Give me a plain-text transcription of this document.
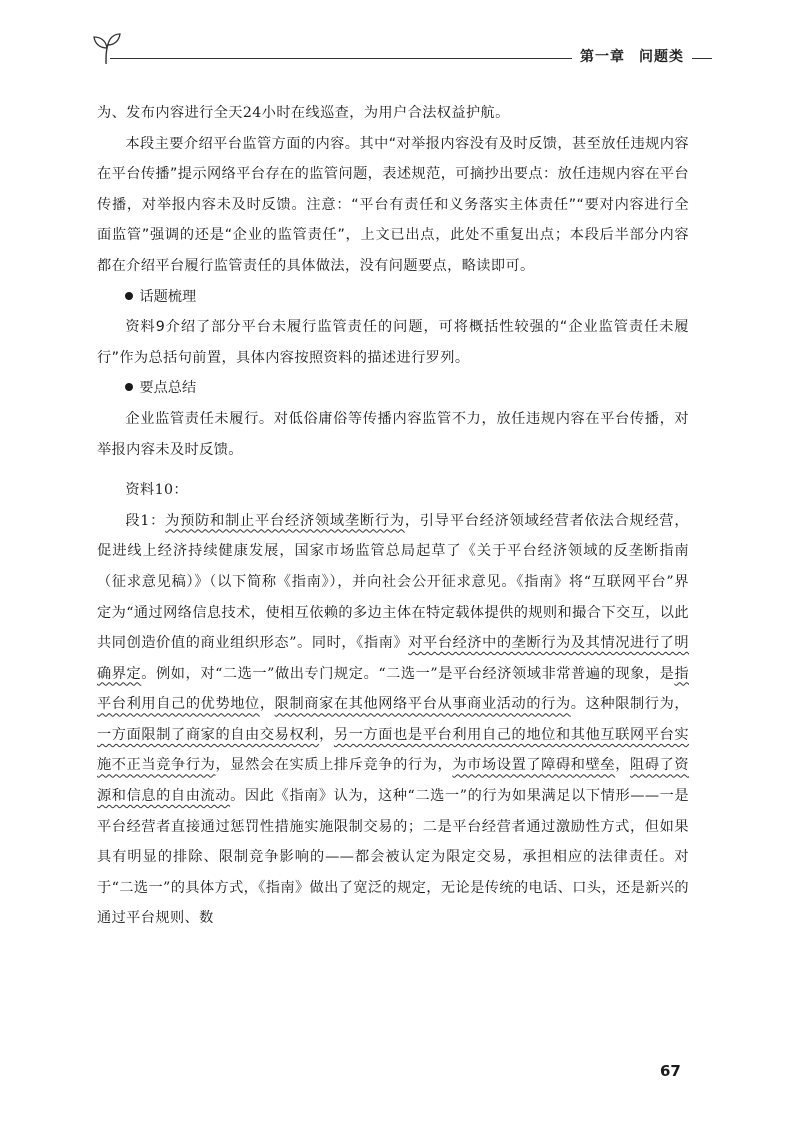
第一章 问题类

为、发布内容进行全天24小时在线巡查，为用户合法权益护航。

本段主要介绍平台监管方面的内容。其中“对举报内容没有及时反馈，甚至放任违规内容在平台传播”提示网络平台存在的监管问题，表述规范，可摘抄出要点：放任违规内容在平台传播，对举报内容未及时反馈。注意：“平台有责任和义务落实主体责任”“要对内容进行全面监管”强调的还是“企业的监管责任”，上文已出点，此处不重复出点；本段后半部分内容都在介绍平台履行监管责任的具体做法，没有问题要点，略读即可。

话题梳理

资料9介绍了部分平台未履行监管责任的问题，可将概括性较强的“企业监管责任未履行”作为总括句前置，具体内容按照资料的描述进行罗列。

要点总结

企业监管责任未履行。对低俗庸俗等传播内容监管不力，放任违规内容在平台传播，对举报内容未及时反馈。

资料10：

段1：为预防和制止平台经济领域垄断行为，引导平台经济领域经营者依法合规经营，促进线上经济持续健康发展，国家市场监管总局起草了《关于平台经济领域的反垄断指南（征求意见稿）》（以下简称《指南》），并向社会公开征求意见。《指南》将“互联网平台”界定为“通过网络信息技术，使相互依赖的多边主体在特定载体提供的规则和撮合下交互，以此共同创造价值的商业组织形态”。同时，《指南》对平台经济中的垄断行为及其情况进行了明确界定。例如，对“二选一”做出专门规定。“二选一”是平台经济领域非常普遍的现象，是指平台利用自己的优势地位，限制商家在其他网络平台从事商业活动的行为。这种限制行为，一方面限制了商家的自由交易权利，另一方面也是平台利用自己的地位和其他互联网平台实施不正当竞争行为，显然会在实质上排斥竞争的行为，为市场设置了障碍和壁垒，阻碍了资源和信息的自由流动。因此《指南》认为，这种“二选一”的行为如果满足以下情形——一是平台经营者直接通过惩罚性措施实施限制交易的；二是平台经营者通过激励性方式，但如果具有明显的排除、限制竞争影响的——都会被认定为限定交易，承担相应的法律责任。对于“二选一”的具体方式，《指南》做出了宽泛的规定，无论是传统的电话、口头，还是新兴的通过平台规则、数

67
